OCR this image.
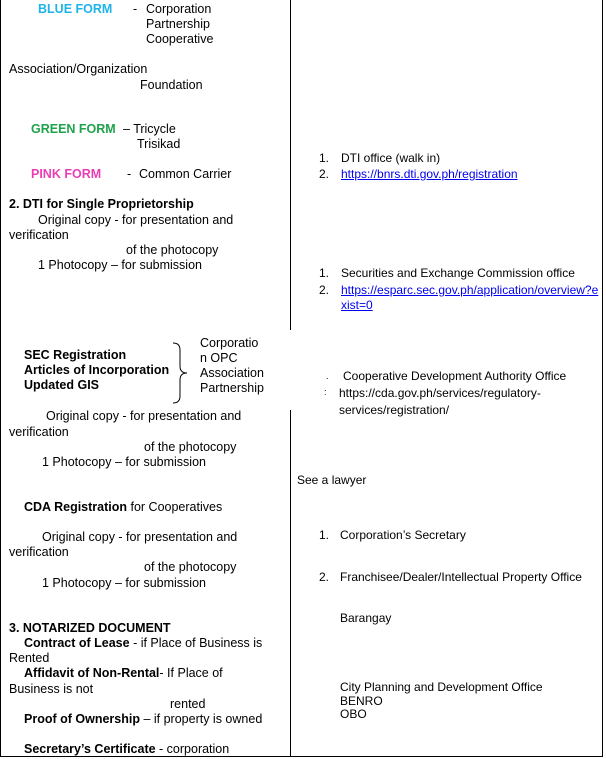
BLUE FORM - Corporation
Partnership
Cooperative
Association/Organization
Foundation
GREEN FORM – Tricycle
Trisikad
PINK FORM - Common Carrier
2. DTI for Single Proprietorship
Original copy - for presentation and
verification
of the photocopy
1 Photocopy – for submission
SEC Registration
Articles of Incorporation
Updated GIS
Corporatio
n OPC
Association
Partnership
Original copy - for presentation and
verification
of the photocopy
1 Photocopy – for submission
CDA Registration for Cooperatives
Original copy - for presentation and
verification
of the photocopy
1 Photocopy – for submission
3. NOTARIZED DOCUMENT
Contract of Lease - if Place of Business is
Rented
Affidavit of Non-Rental- If Place of
Business is not
rented
Proof of Ownership – if property is owned
Secretary’s Certificate - corporation
1. DTI office (walk in)
2. https://bnrs.dti.gov.ph/registration
1. Securities and Exchange Commission office
2. https://esparc.sec.gov.ph/application/overview?e
xist=0
. Cooperative Development Authority Office
: https://cda.gov.ph/services/regulatory-
services/registration/
See a lawyer
1. Corporation’s Secretary
2. Franchisee/Dealer/Intellectual Property Office
Barangay
City Planning and Development Office
BENRO
OBO
